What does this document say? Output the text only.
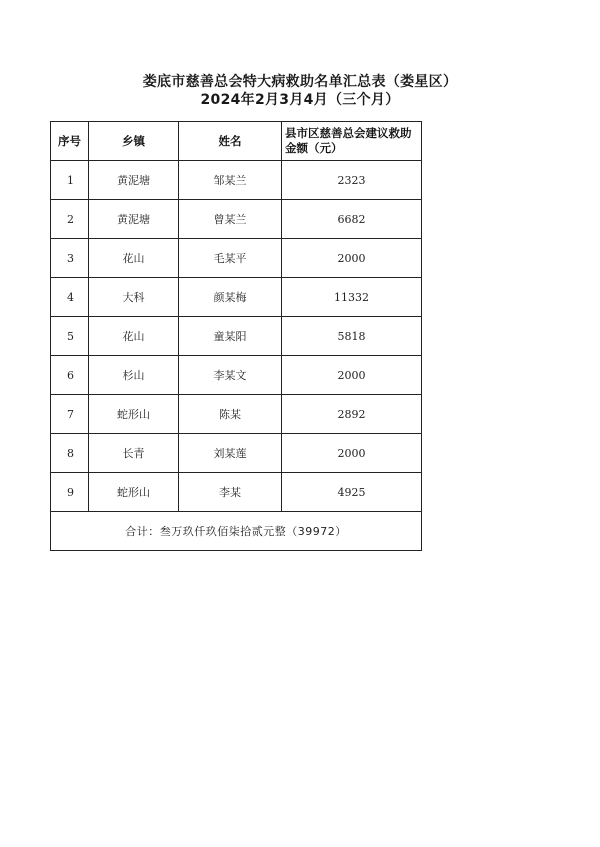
娄底市慈善总会特大病救助名单汇总表（娄星区）
2024年2月3月4月（三个月）
序号	乡镇	姓名	县市区慈善总会建议救助金额（元）
1	黄泥塘	邹某兰	2323
2	黄泥塘	曾某兰	6682
3	花山	毛某平	2000
4	大科	颜某梅	11332
5	花山	童某阳	5818
6	杉山	李某文	2000
7	蛇形山	陈某	2892
8	长青	刘某莲	2000
9	蛇形山	李某	4925
合计：叁万玖仟玖佰柒拾贰元整（39972）			
